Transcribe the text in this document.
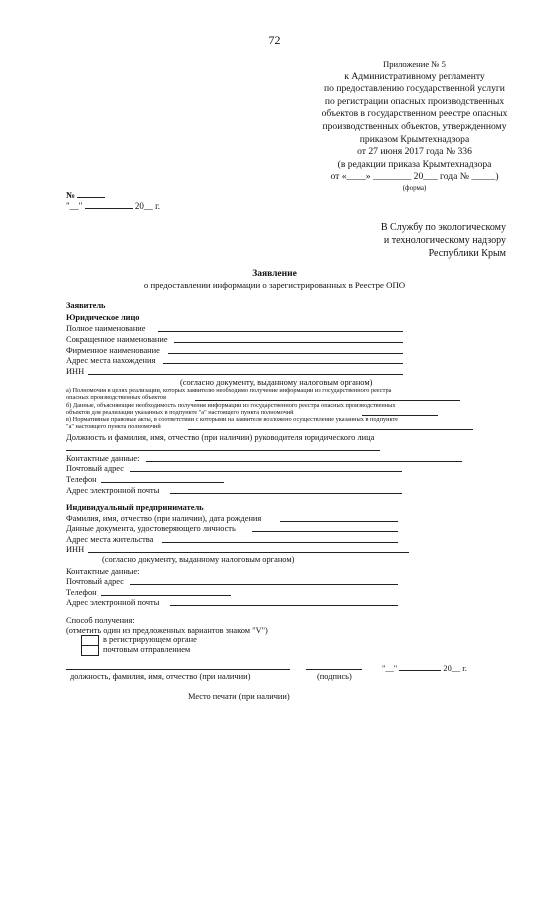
72
Приложение № 5
к Административному регламенту
по предоставлению государственной услуги
по регистрации опасных производственных
объектов в государственном реестре опасных
производственных объектов, утвержденному
приказом Крымтехнадзора
от 27 июня 2017 года № 336
(в редакции приказа Крымтехнадзора
от «____» ________ 20___ года № _____)
(форма)
№
"__"	20__ г.
В Службу по экологическому
и технологическому надзору
Республики Крым
Заявление
о предоставлении информации о зарегистрированных в Реестре ОПО
Заявитель
Юридическое лицо
Полное наименование
Сокращенное наименование
Фирменное наименование
Адрес места нахождения
ИНН
(согласно документу, выданному налоговым органом)
а) Полномочия в целях реализации, которых заявителю необходимо получение информации из государственного реестра
опасных производственных объектов
б) Данные, объясняющие необходимость получения информации из государственного реестра опасных производственных
объектов для реализации указанных в подпункте "а" настоящего пункта полномочий
в) Нормативные правовые акты, в соответствии с которыми на заявителя возложено осуществление указанных в подпункте
"а" настоящего пункта полномочий
Должность и фамилия, имя, отчество (при наличии) руководителя юридического лица
Контактные данные:
Почтовый адрес
Телефон
Адрес электронной почты
Индивидуальный предприниматель
Фамилия, имя, отчество (при наличии), дата рождения
Данные документа, удостоверяющего личность
Адрес места жительства
ИНН
(согласно документу, выданному налоговым органом)
Контактные данные:
Почтовый адрес
Телефон
Адрес электронной почты
Способ получения:
(отметить один из предложенных вариантов знаком "V")
в регистрирующем органе
почтовым отправлением
"__"	20__ г.
должность, фамилия, имя, отчество (при наличии)	(подпись)
Место печати (при наличии)
